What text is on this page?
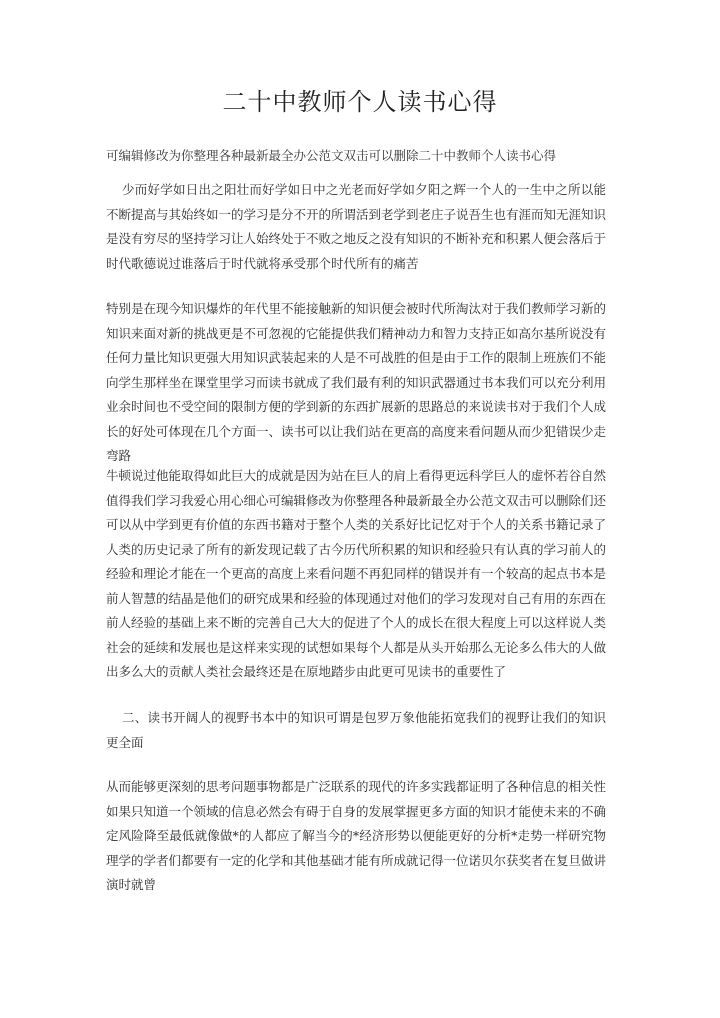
二十中教师个人读书心得
可编辑修改为你整理各种最新最全办公范文双击可以删除二十中教师个人读书心得

少而好学如日出之阳壮而好学如日中之光老而好学如夕阳之辉一个人的一生中之所以能不断提高与其始终如一的学习是分不开的所谓活到老学到老庄子说吾生也有涯而知无涯知识是没有穷尽的坚持学习让人始终处于不败之地反之没有知识的不断补充和积累人便会落后于时代歌德说过谁落后于时代就将承受那个时代所有的痛苦

特别是在现今知识爆炸的年代里不能接触新的知识便会被时代所淘汰对于我们教师学习新的知识来面对新的挑战更是不可忽视的它能提供我们精神动力和智力支持正如高尔基所说没有任何力量比知识更强大用知识武装起来的人是不可战胜的但是由于工作的限制上班族们不能向学生那样坐在课堂里学习而读书就成了我们最有利的知识武器通过书本我们可以充分利用业余时间也不受空间的限制方便的学到新的东西扩展新的思路总的来说读书对于我们个人成长的好处可体现在几个方面一、读书可以让我们站在更高的高度来看问题从而少犯错误少走弯路

牛顿说过他能取得如此巨大的成就是因为站在巨人的肩上看得更远科学巨人的虚怀若谷自然值得我们学习我爱心用心细心可编辑修改为你整理各种最新最全办公范文双击可以删除们还可以从中学到更有价值的东西书籍对于整个人类的关系好比记忆对于个人的关系书籍记录了人类的历史记录了所有的新发现记载了古今历代所积累的知识和经验只有认真的学习前人的经验和理论才能在一个更高的高度上来看问题不再犯同样的错误并有一个较高的起点书本是前人智慧的结晶是他们的研究成果和经验的体现通过对他们的学习发现对自己有用的东西在前人经验的基础上来不断的完善自己大大的促进了个人的成长在很大程度上可以这样说人类社会的延续和发展也是这样来实现的试想如果每个人都是从头开始那么无论多么伟大的人做出多么大的贡献人类社会最终还是在原地踏步由此更可见读书的重要性了

二、读书开阔人的视野书本中的知识可谓是包罗万象他能拓宽我们的视野让我们的知识更全面

从而能够更深刻的思考问题事物都是广泛联系的现代的许多实践都证明了各种信息的相关性如果只知道一个领域的信息必然会有碍于自身的发展掌握更多方面的知识才能使未来的不确定风险降至最低就像做*的人都应了解当今的*经济形势以便能更好的分析*走势一样研究物理学的学者们都要有一定的化学和其他基础才能有所成就记得一位诺贝尔获奖者在复旦做讲演时就曾
